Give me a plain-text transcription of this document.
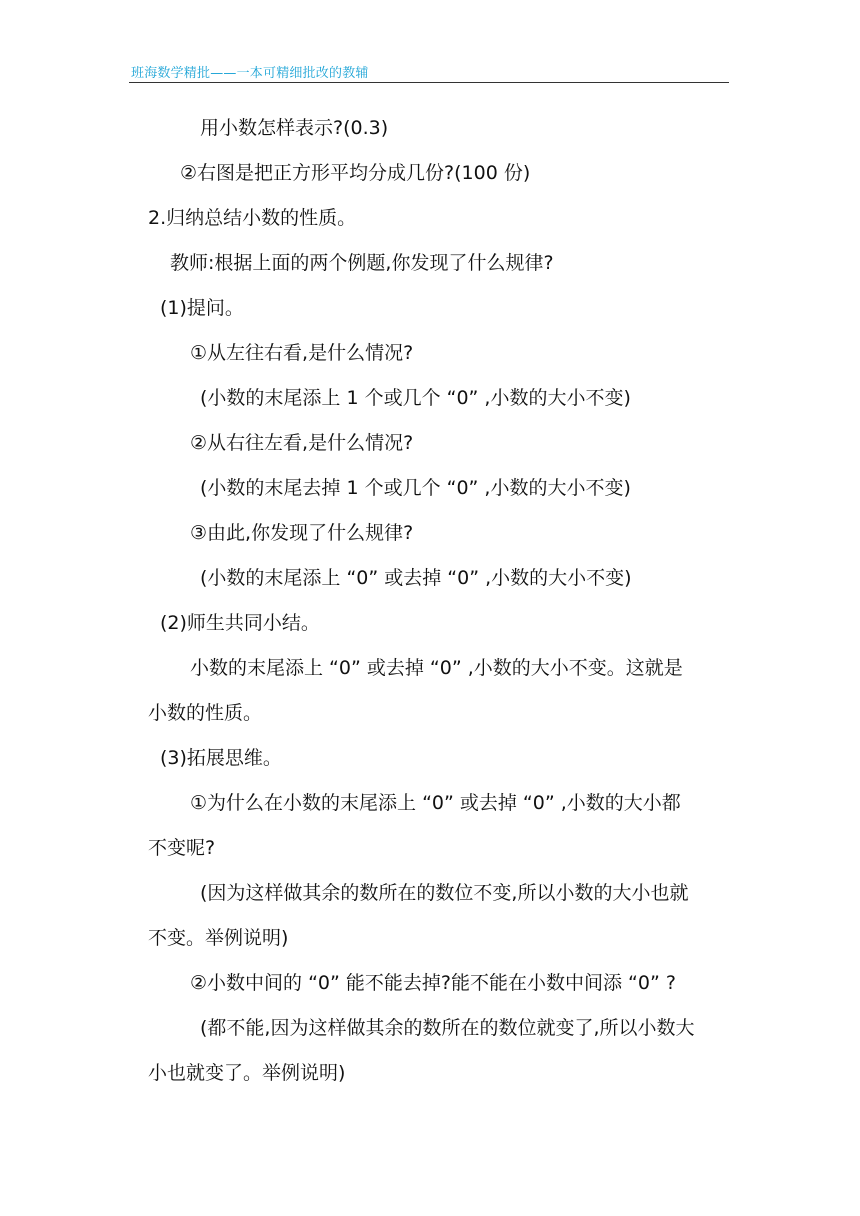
班海数学精批——一本可精细批改的教辅
用小数怎样表示?(0.3)
②右图是把正方形平均分成几份?(100 份)
2.归纳总结小数的性质。
教师:根据上面的两个例题,你发现了什么规律?
(1)提问。
①从左往右看,是什么情况?
(小数的末尾添上 1 个或几个 “0” ,小数的大小不变)
②从右往左看,是什么情况?
(小数的末尾去掉 1 个或几个 “0” ,小数的大小不变)
③由此,你发现了什么规律?
(小数的末尾添上 “0” 或去掉 “0” ,小数的大小不变)
(2)师生共同小结。
小数的末尾添上 “0” 或去掉 “0” ,小数的大小不变。这就是
小数的性质。
(3)拓展思维。
①为什么在小数的末尾添上 “0” 或去掉 “0” ,小数的大小都
不变呢?
(因为这样做其余的数所在的数位不变,所以小数的大小也就
不变。举例说明)
②小数中间的 “0” 能不能去掉?能不能在小数中间添 “0” ?
(都不能,因为这样做其余的数所在的数位就变了,所以小数大
小也就变了。举例说明)
